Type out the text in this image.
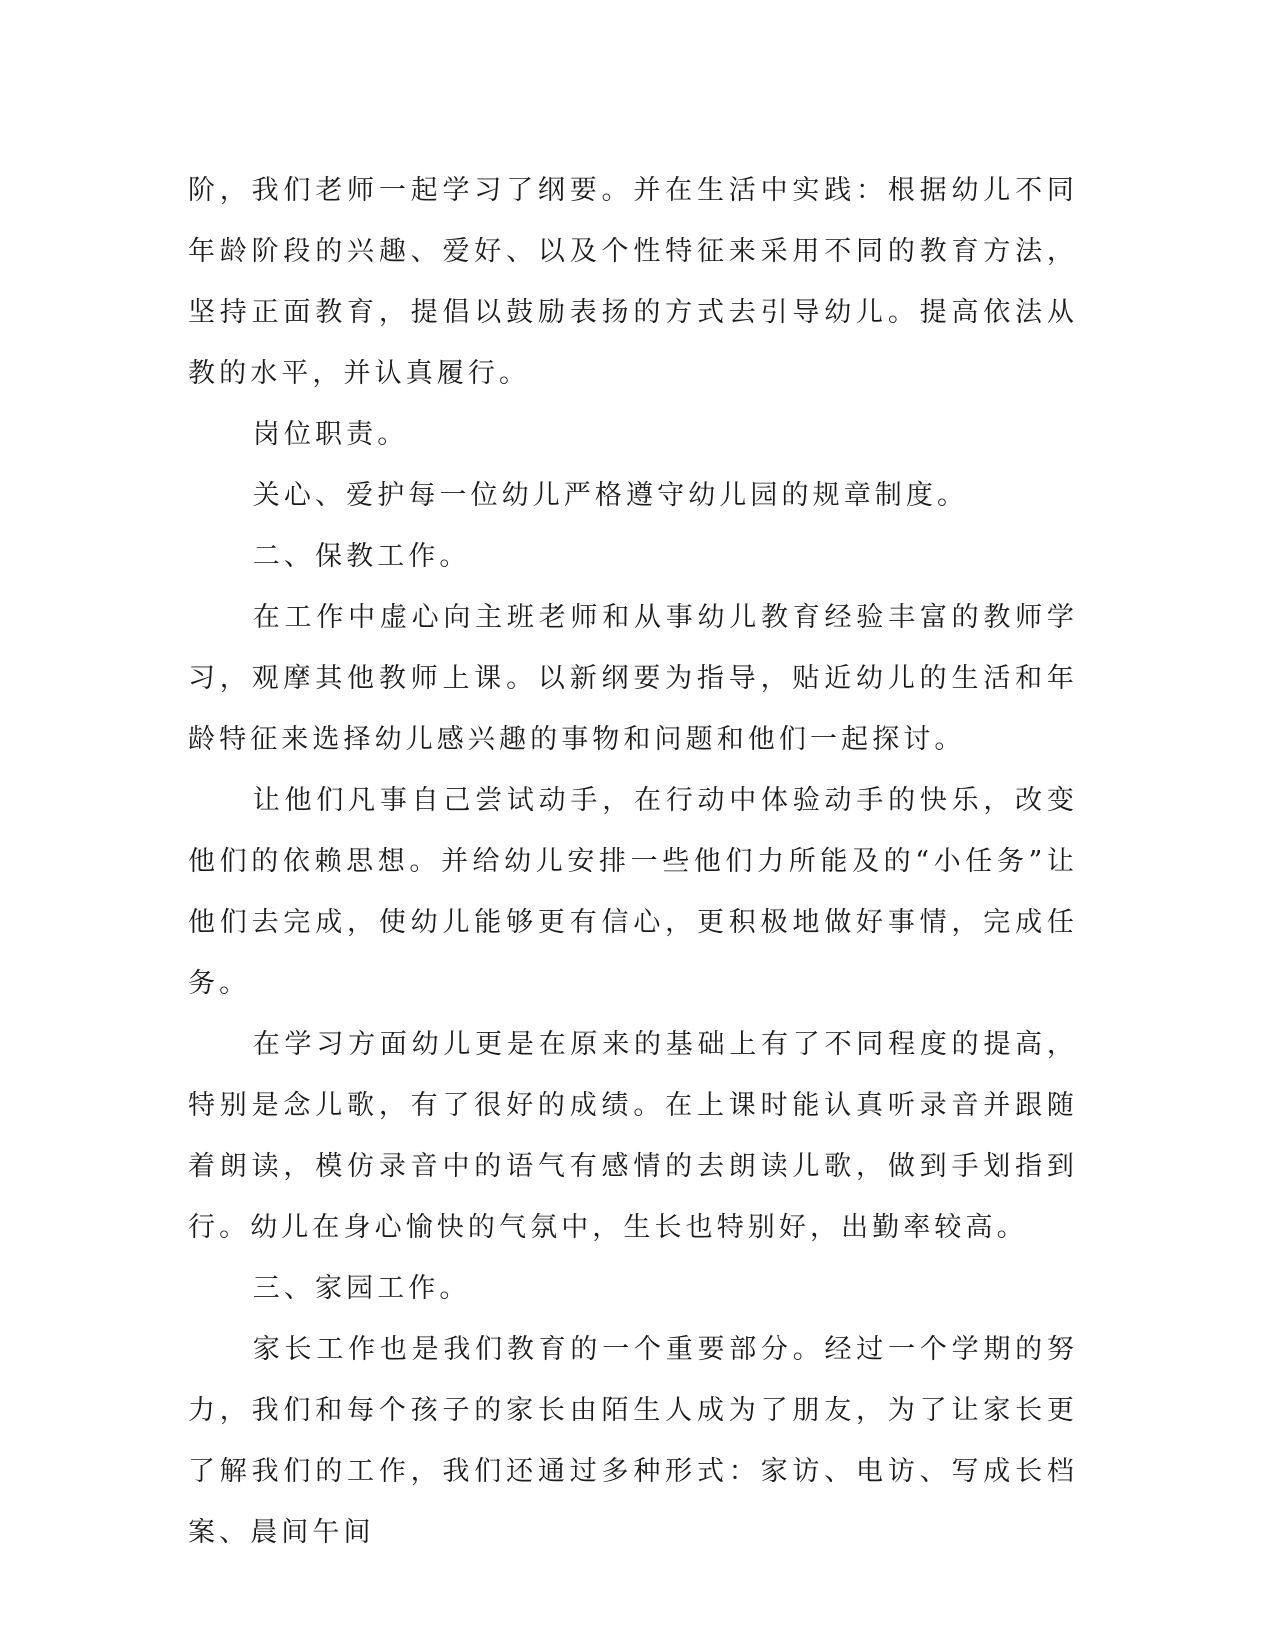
阶，我们老师一起学习了纲要。并在生活中实践：根据幼儿不同年龄阶段的兴趣、爱好、以及个性特征来采用不同的教育方法，坚持正面教育，提倡以鼓励表扬的方式去引导幼儿。提高依法从教的水平，并认真履行。

岗位职责。

关心、爱护每一位幼儿严格遵守幼儿园的规章制度。

二、保教工作。

在工作中虚心向主班老师和从事幼儿教育经验丰富的教师学习，观摩其他教师上课。以新纲要为指导，贴近幼儿的生活和年龄特征来选择幼儿感兴趣的事物和问题和他们一起探讨。

让他们凡事自己尝试动手，在行动中体验动手的快乐，改变他们的依赖思想。并给幼儿安排一些他们力所能及的“小任务”让他们去完成，使幼儿能够更有信心，更积极地做好事情，完成任务。

在学习方面幼儿更是在原来的基础上有了不同程度的提高，特别是念儿歌，有了很好的成绩。在上课时能认真听录音并跟随着朗读，模仿录音中的语气有感情的去朗读儿歌，做到手划指到行。幼儿在身心愉快的气氛中，生长也特别好，出勤率较高。

三、家园工作。

家长工作也是我们教育的一个重要部分。经过一个学期的努力，我们和每个孩子的家长由陌生人成为了朋友，为了让家长更了解我们的工作，我们还通过多种形式：家访、电访、写成长档案、晨间午间
